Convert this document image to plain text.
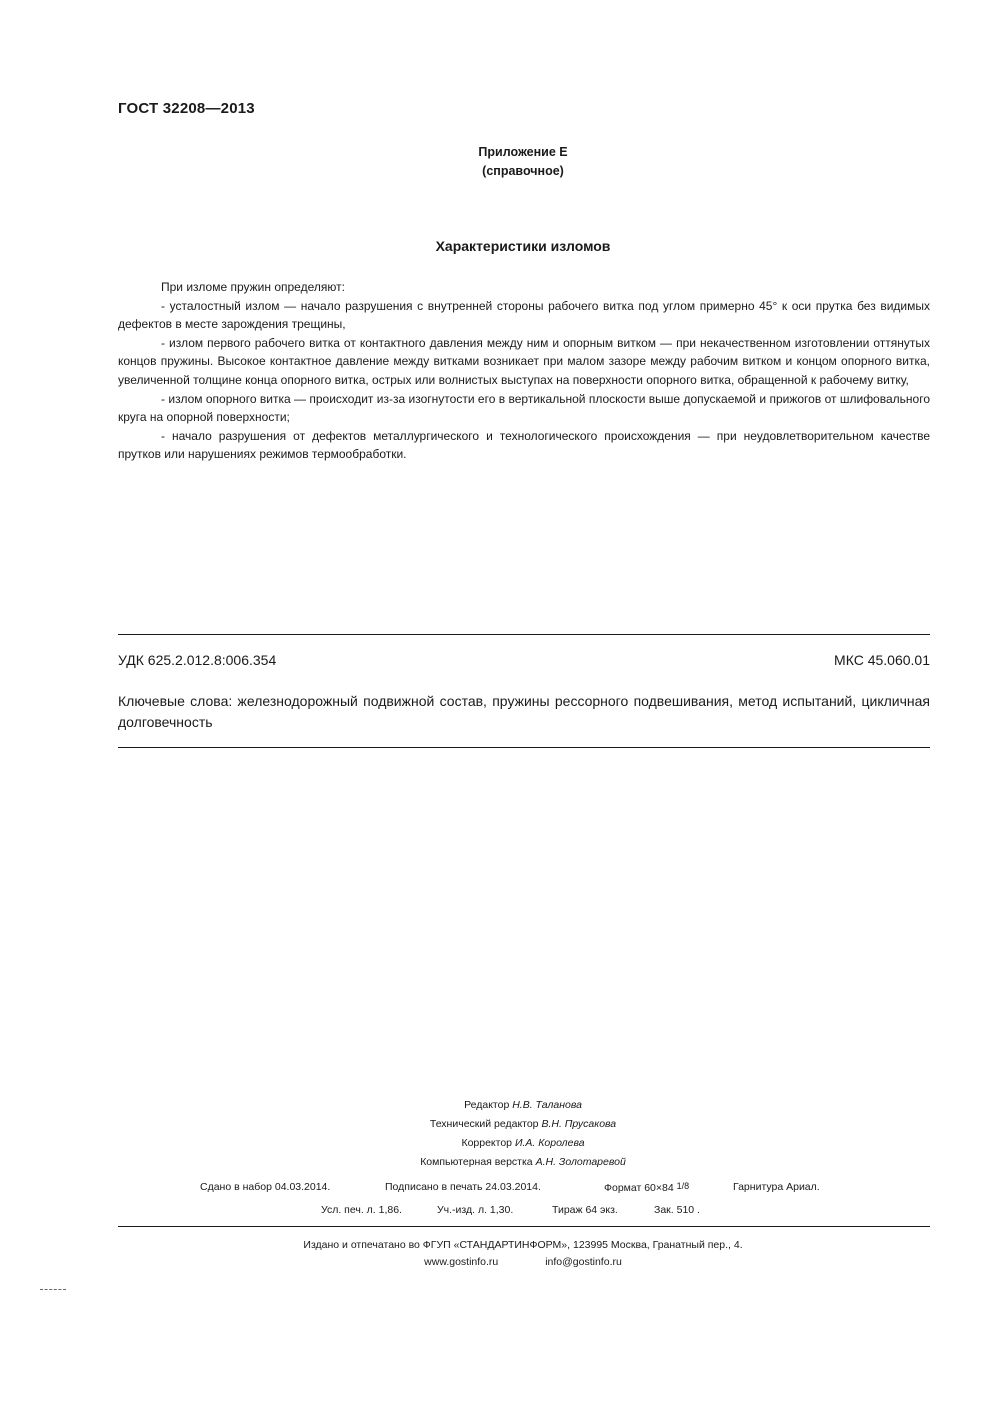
ГОСТ 32208—2013
Приложение Е
(справочное)
Характеристики изломов

При изломе пружин определяют:

- усталостный излом — начало разрушения с внутренней стороны рабочего витка под углом примерно 45° к оси прутка без видимых дефектов в месте зарождения трещины,

- излом первого рабочего витка от контактного давления между ним и опорным витком — при некачественном изготовлении оттянутых концов пружины. Высокое контактное давление между витками возникает при малом зазоре между рабочим витком и концом опорного витка, увеличенной толщине конца опорного витка, острых или волнистых выступах на поверхности опорного витка, обращенной к рабочему витку,

- излом опорного витка — происходит из-за изогнутости его в вертикальной плоскости выше допускаемой и прижогов от шлифовального круга на опорной поверхности;

- начало разрушения от дефектов металлургического и технологического происхождения — при неудовлетворительном качестве прутков или нарушениях режимов термообработки.

УДК 625.2.012.8:006.354	МКС 45.060.01
Ключевые слова: железнодорожный подвижной состав, пружины рессорного подвешивания, метод испытаний, цикличная долговечность
Редактор Н.В. Таланова
Технический редактор В.Н. Прусакова
Корректор И.А. Королева
Компьютерная верстка А.Н. Золотаревой
Сдано в набор 04.03.2014.	Подписано в печать 24.03.2014.	Формат 60×84 1/8	Гарнитура Ариал.
Усл. печ. л. 1,86.	Уч.-изд. л. 1,30.	Тираж 64 экз.	Зак. 510 .
Издано и отпечатано во ФГУП «СТАНДАРТИНФОРМ», 123995 Москва, Гранатный пер., 4.
www.gostinfo.ru	info@gostinfo.ru
